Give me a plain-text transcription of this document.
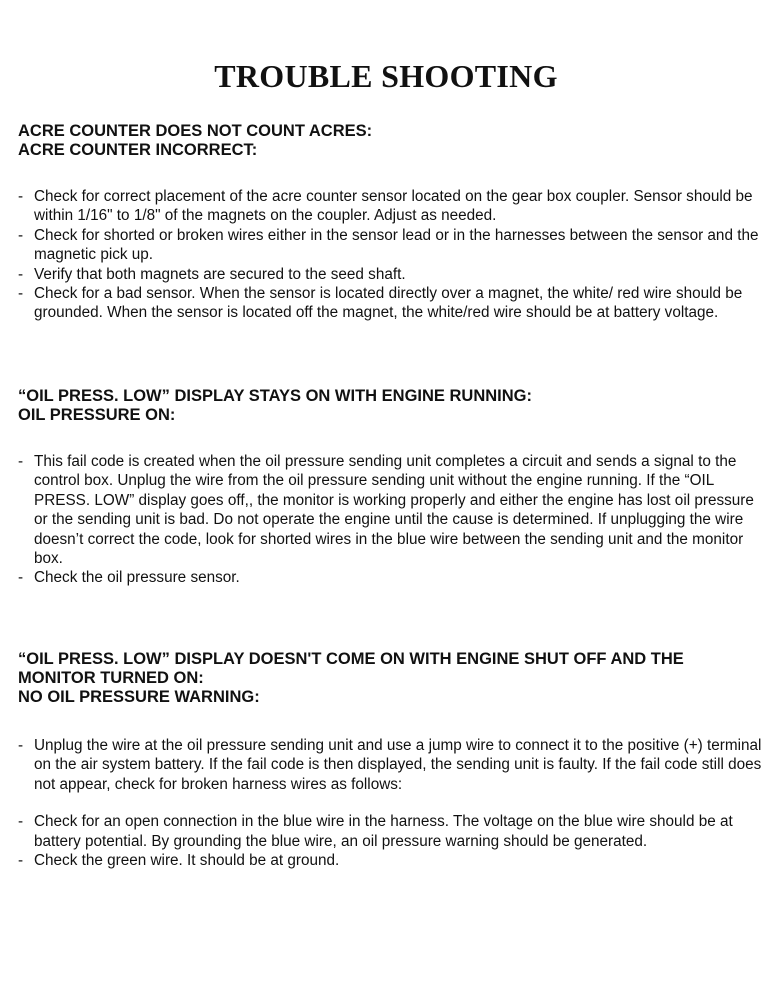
TROUBLE SHOOTING

ACRE COUNTER DOES NOT COUNT ACRES:
ACRE COUNTER INCORRECT:

- Check for correct placement of the acre counter sensor located on the gear box coupler. Sensor should be within 1/16" to 1/8" of the magnets on the coupler. Adjust as needed.
- Check for shorted or broken wires either in the sensor lead or in the harnesses between the sensor and the magnetic pick up.
- Verify that both magnets are secured to the seed shaft.
- Check for a bad sensor. When the sensor is located directly over a magnet, the white/ red wire should be grounded. When the sensor is located off the magnet, the white/red wire should be at battery voltage.

“OIL PRESS. LOW” DISPLAY STAYS ON WITH ENGINE RUNNING:
OIL PRESSURE ON:

- This fail code is created when the oil pressure sending unit completes a circuit and sends a signal to the control box. Unplug the wire from the oil pressure sending unit without the engine running. If the “OIL PRESS. LOW” display goes off,, the monitor is working properly and either the engine has lost oil pressure or the sending unit is bad. Do not operate the engine until the cause is determined. If unplugging the wire doesn’t correct the code, look for shorted wires in the blue wire between the sending unit and the monitor box.
- Check the oil pressure sensor.

“OIL PRESS. LOW” DISPLAY DOESN'T COME ON WITH ENGINE SHUT OFF AND THE MONITOR TURNED ON:
NO OIL PRESSURE WARNING:

- Unplug the wire at the oil pressure sending unit and use a jump wire to connect it to the positive (+) terminal on the air system battery. If the fail code is then displayed, the sending unit is faulty. If the fail code still does not appear, check for broken harness wires as follows:
- Check for an open connection in the blue wire in the harness. The voltage on the blue wire should be at battery potential. By grounding the blue wire, an oil pressure warning should be generated.
- Check the green wire. It should be at ground.
